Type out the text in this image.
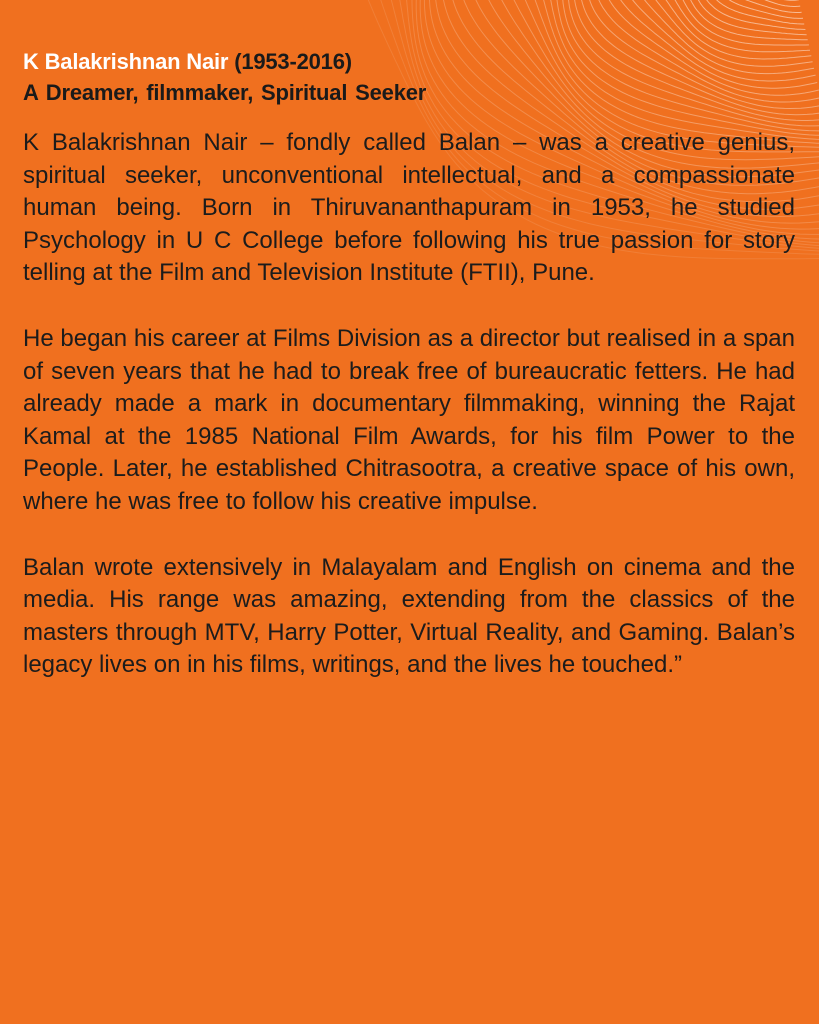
K Balakrishnan Nair (1953-2016)
A Dreamer, filmmaker, Spiritual Seeker

K Balakrishnan Nair – fondly called Balan – was a creative genius, spiritual seeker, unconventional intellectual, and a compassionate human being. Born in Thiruvananthapuram in 1953, he studied Psychology in U C College before following his true passion for story telling at the Film and Television Institute (FTII), Pune.

He began his career at Films Division as a director but realised in a span of seven years that he had to break free of bureaucratic fetters. He had already made a mark in documentary filmmaking, winning the Rajat Kamal at the 1985 National Film Awards, for his film Power to the People. Later, he established Chitrasootra, a creative space of his own, where he was free to follow his creative impulse.

Balan wrote extensively in Malayalam and English on cinema and the media. His range was amazing, extending from the classics of the masters through MTV, Harry Potter, Virtual Reality, and Gaming. Balan’s legacy lives on in his films, writings, and the lives he touched.”
